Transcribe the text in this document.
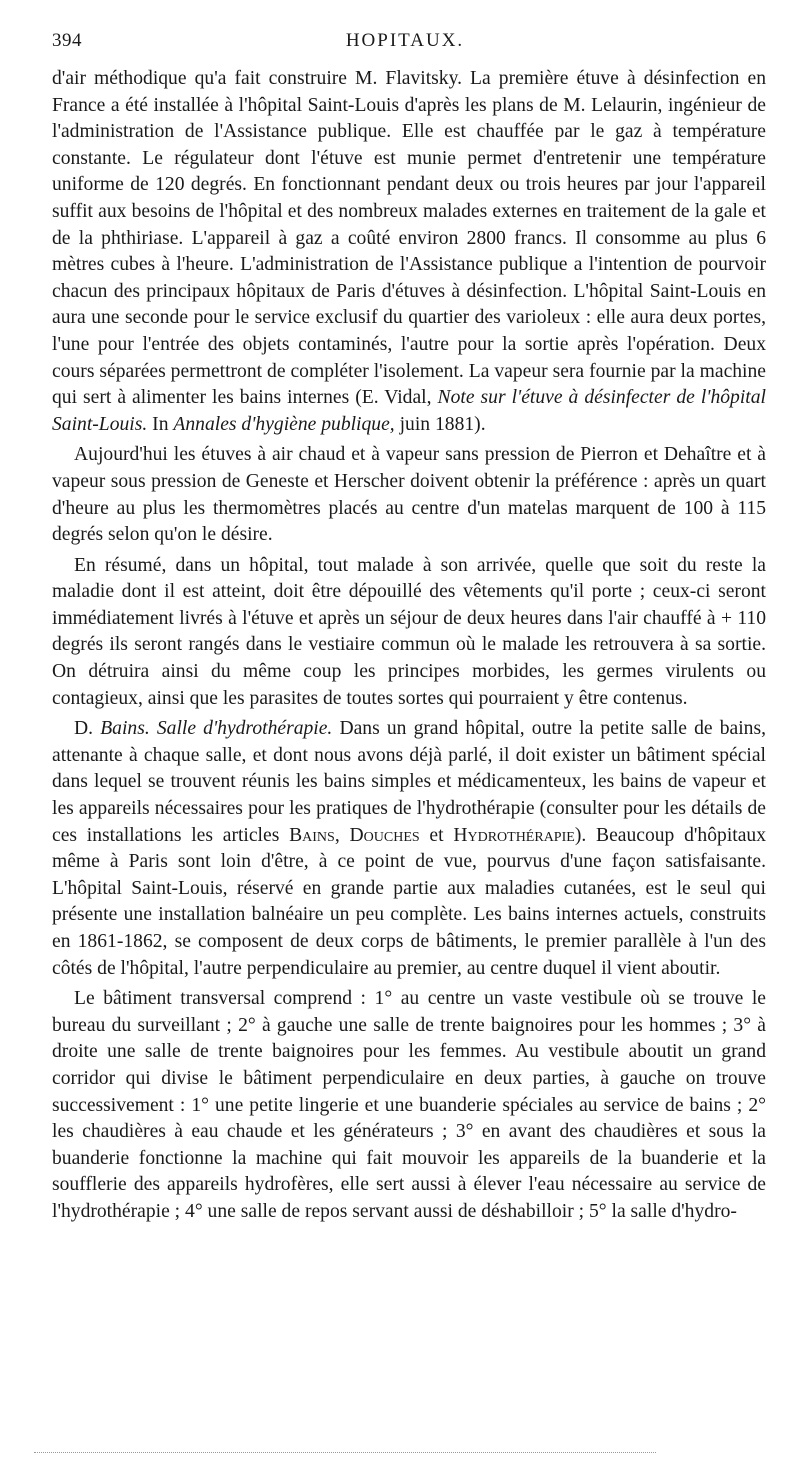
394	HOPITAUX.

d'air méthodique qu'a fait construire M. Flavitsky. La première étuve à désinfection en France a été installée à l'hôpital Saint-Louis d'après les plans de M. Lelaurin, ingénieur de l'administration de l'Assistance publique. Elle est chauffée par le gaz à température constante. Le régulateur dont l'étuve est munie permet d'entretenir une température uniforme de 120 degrés. En fonctionnant pendant deux ou trois heures par jour l'appareil suffit aux besoins de l'hôpital et des nombreux malades externes en traitement de la gale et de la phthiriase. L'appareil à gaz a coûté environ 2800 francs. Il consomme au plus 6 mètres cubes à l'heure. L'administration de l'Assistance publique a l'intention de pourvoir chacun des principaux hôpitaux de Paris d'étuves à désinfection. L'hôpital Saint-Louis en aura une seconde pour le service exclusif du quartier des varioleux : elle aura deux portes, l'une pour l'entrée des objets contaminés, l'autre pour la sortie après l'opération. Deux cours séparées permettront de compléter l'isolement. La vapeur sera fournie par la machine qui sert à alimenter les bains internes (E. Vidal, Note sur l'étuve à désinfecter de l'hôpital Saint-Louis. In Annales d'hygiène publique, juin 1881).

Aujourd'hui les étuves à air chaud et à vapeur sans pression de Pierron et Dehaître et à vapeur sous pression de Geneste et Herscher doivent obtenir la préférence : après un quart d'heure au plus les thermomètres placés au centre d'un matelas marquent de 100 à 115 degrés selon qu'on le désire.

En résumé, dans un hôpital, tout malade à son arrivée, quelle que soit du reste la maladie dont il est atteint, doit être dépouillé des vêtements qu'il porte ; ceux-ci seront immédiatement livrés à l'étuve et après un séjour de deux heures dans l'air chauffé à + 110 degrés ils seront rangés dans le vestiaire commun où le malade les retrouvera à sa sortie. On détruira ainsi du même coup les principes morbides, les germes virulents ou contagieux, ainsi que les parasites de toutes sortes qui pourraient y être contenus.

D. Bains. Salle d'hydrothérapie. Dans un grand hôpital, outre la petite salle de bains, attenante à chaque salle, et dont nous avons déjà parlé, il doit exister un bâtiment spécial dans lequel se trouvent réunis les bains simples et médicamenteux, les bains de vapeur et les appareils nécessaires pour les pratiques de l'hydrothérapie (consulter pour les détails de ces installations les articles Bains, Douches et Hydrothérapie). Beaucoup d'hôpitaux même à Paris sont loin d'être, à ce point de vue, pourvus d'une façon satisfaisante. L'hôpital Saint-Louis, réservé en grande partie aux maladies cutanées, est le seul qui présente une installation balnéaire un peu complète. Les bains internes actuels, construits en 1861-1862, se composent de deux corps de bâtiments, le premier parallèle à l'un des côtés de l'hôpital, l'autre perpendiculaire au premier, au centre duquel il vient aboutir.

Le bâtiment transversal comprend : 1° au centre un vaste vestibule où se trouve le bureau du surveillant ; 2° à gauche une salle de trente baignoires pour les hommes ; 3° à droite une salle de trente baignoires pour les femmes. Au vestibule aboutit un grand corridor qui divise le bâtiment perpendiculaire en deux parties, à gauche on trouve successivement : 1° une petite lingerie et une buanderie spéciales au service de bains ; 2° les chaudières à eau chaude et les générateurs ; 3° en avant des chaudières et sous la buanderie fonctionne la machine qui fait mouvoir les appareils de la buanderie et la soufflerie des appareils hydrofères, elle sert aussi à élever l'eau nécessaire au service de l'hydrothérapie ; 4° une salle de repos servant aussi de déshabilloir ; 5° la salle d'hydro-
